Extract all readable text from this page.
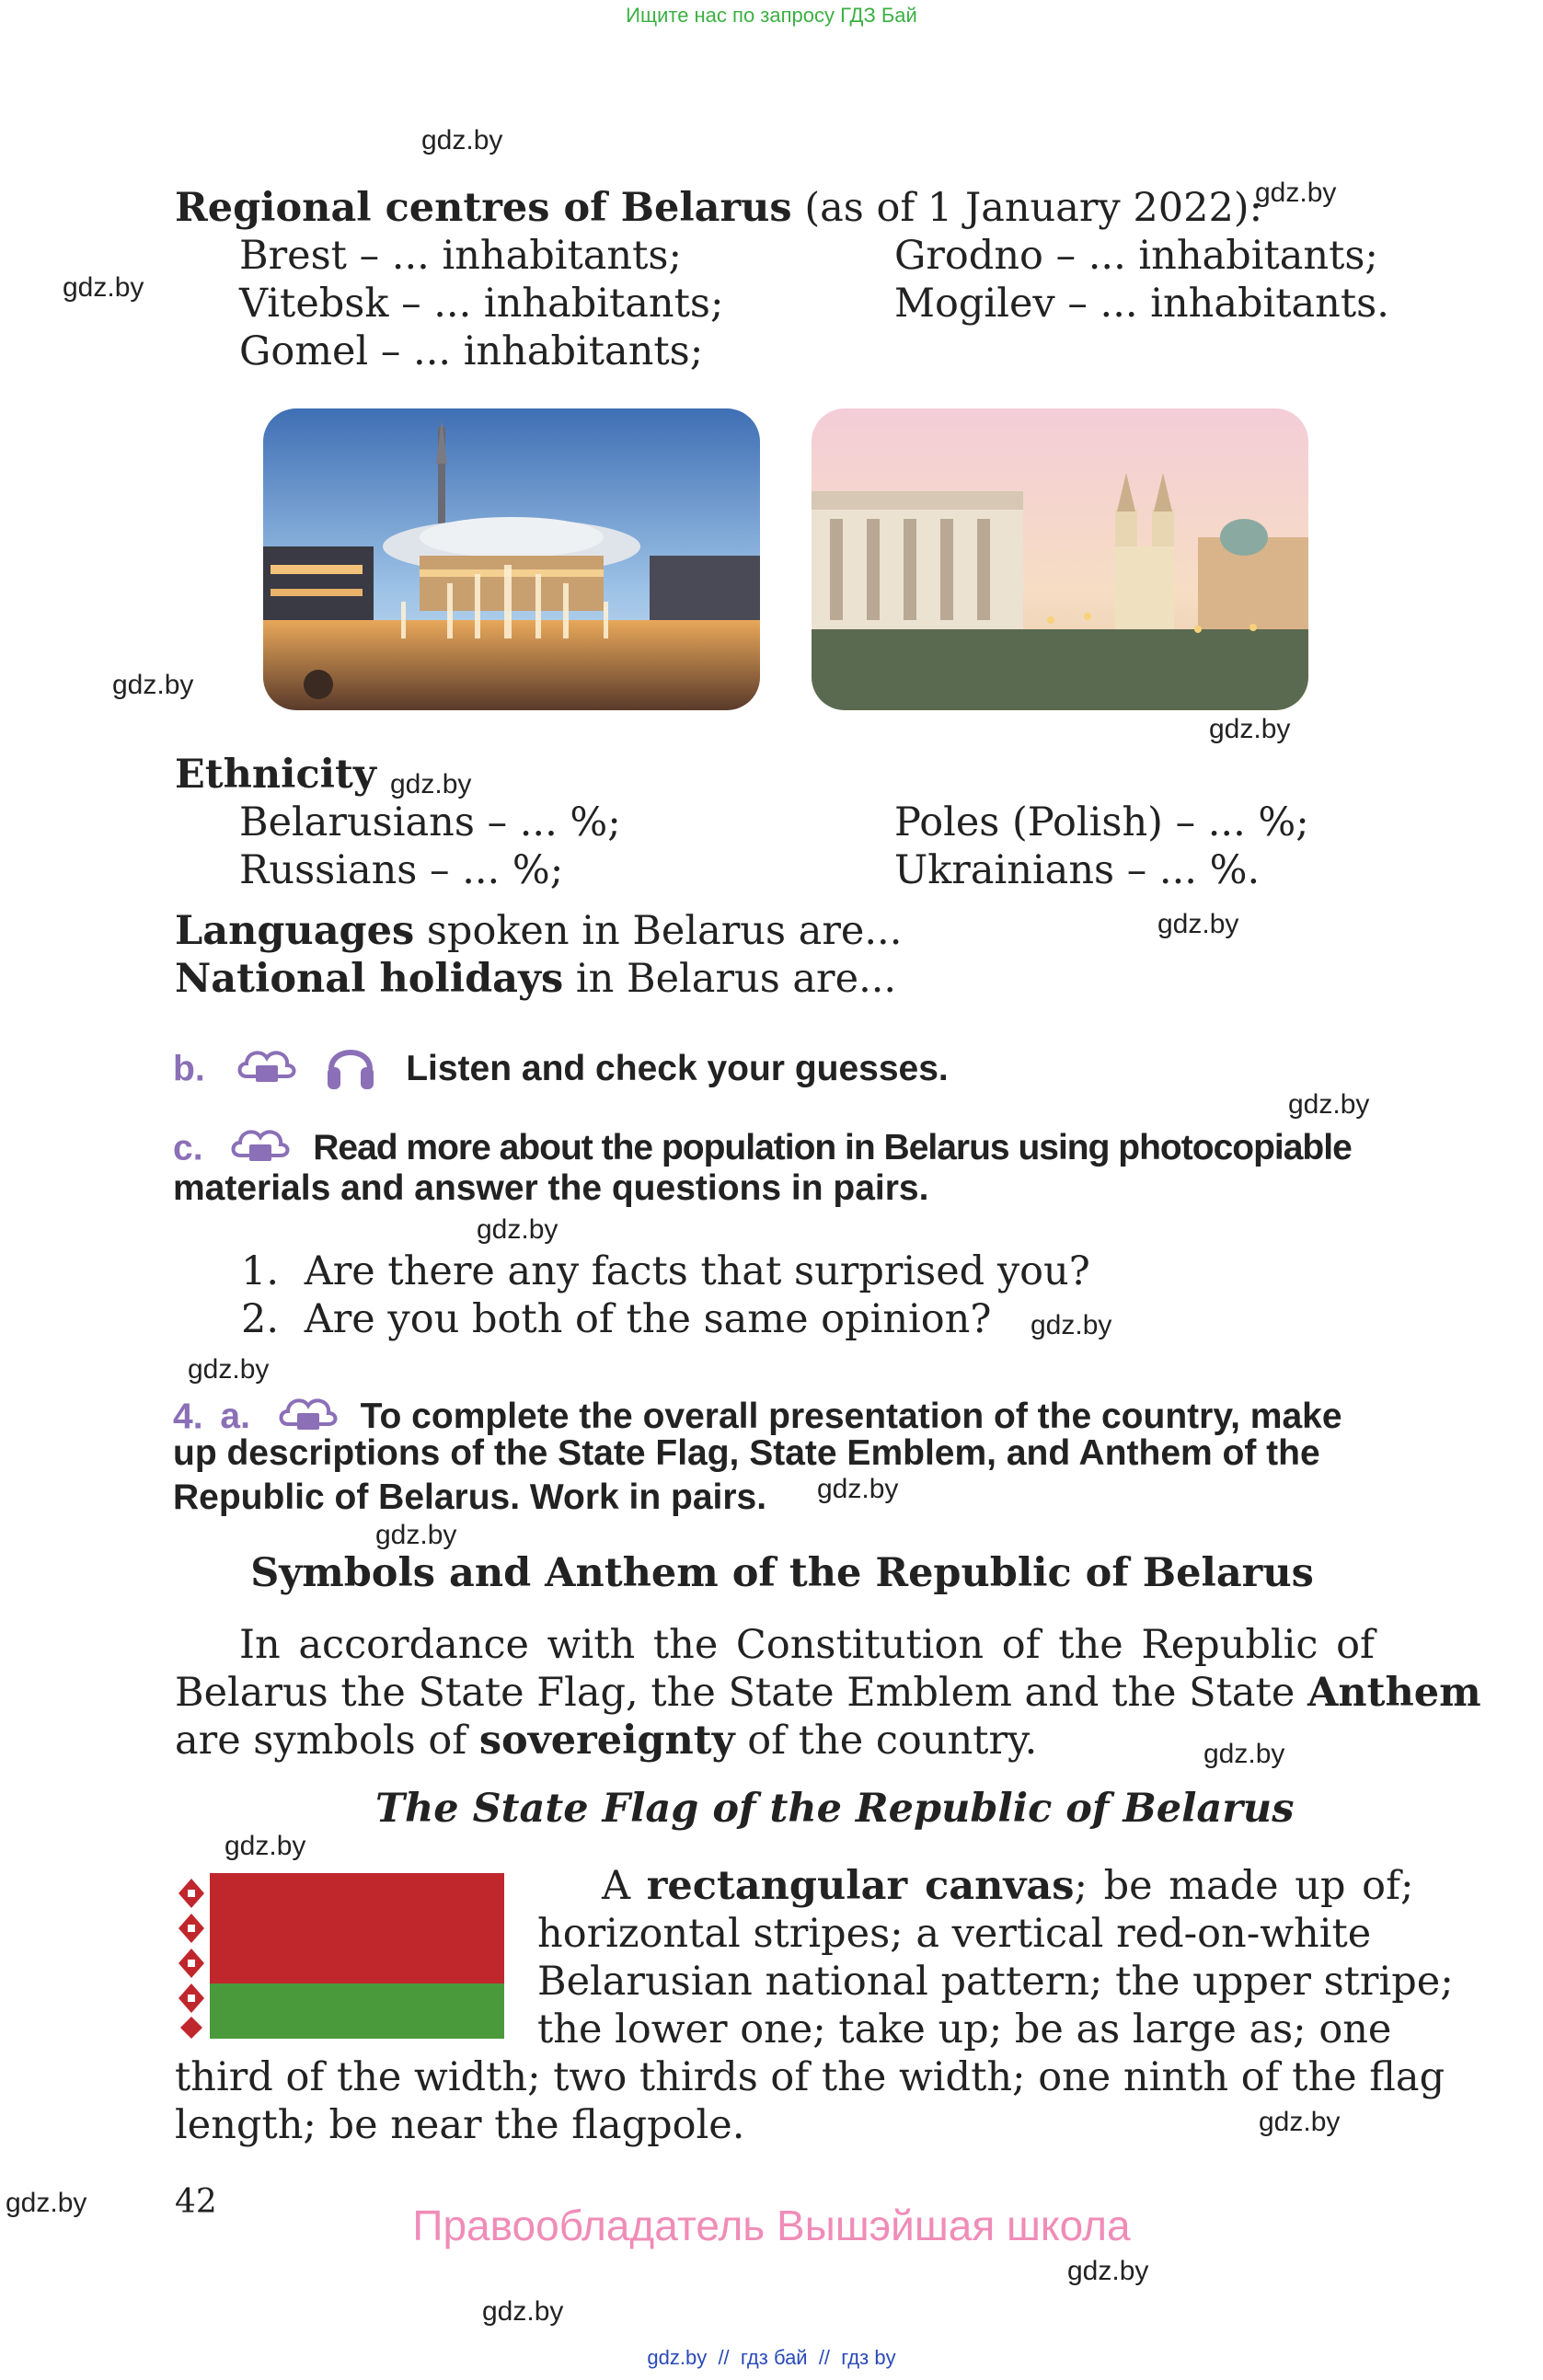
Ищите нас по запросу ГДЗ Бай
gdz.by
gdz.by
gdz.by
gdz.by
gdz.by
gdz.by
gdz.by
gdz.by
gdz.by
gdz.by
gdz.by
gdz.by
gdz.by
gdz.by
gdz.by
gdz.by
gdz.by
gdz.by
gdz.by
Regional centres of Belarus (as of 1 January 2022):
Brest – ... inhabitants;
Vitebsk – ... inhabitants;
Gomel – ... inhabitants;
Grodno – ... inhabitants;
Mogilev – ... inhabitants.
Ethnicity
Belarusians – ... %;
Russians – ... %;
Poles (Polish) – ... %;
Ukrainians – ... %.
Languages spoken in Belarus are...
National holidays in Belarus are...
b.	Listen and check your guesses.
c.	Read more about the population in Belarus using photocopiable
materials and answer the questions in pairs.
1. Are there any facts that surprised you?
2. Are you both of the same opinion?
4. a.	To complete the overall presentation of the country, make
up descriptions of the State Flag, State Emblem, and Anthem of the
Republic of Belarus. Work in pairs.
Symbols and Anthem of the Republic of Belarus
In accordance with the Constitution of the Republic of
Belarus the State Flag, the State Emblem and the State Anthem
are symbols of sovereignty of the country.
The State Flag of the Republic of Belarus
A rectangular canvas; be made up of;
horizontal stripes; a vertical red-on-white
Belarusian national pattern; the upper stripe;
the lower one; take up; be as large as; one
third of the width; two thirds of the width; one ninth of the flag
length; be near the flagpole.
42	Правообладатель Вышэйшая школа
gdz.by  //  гдз бай  //  гдз by
